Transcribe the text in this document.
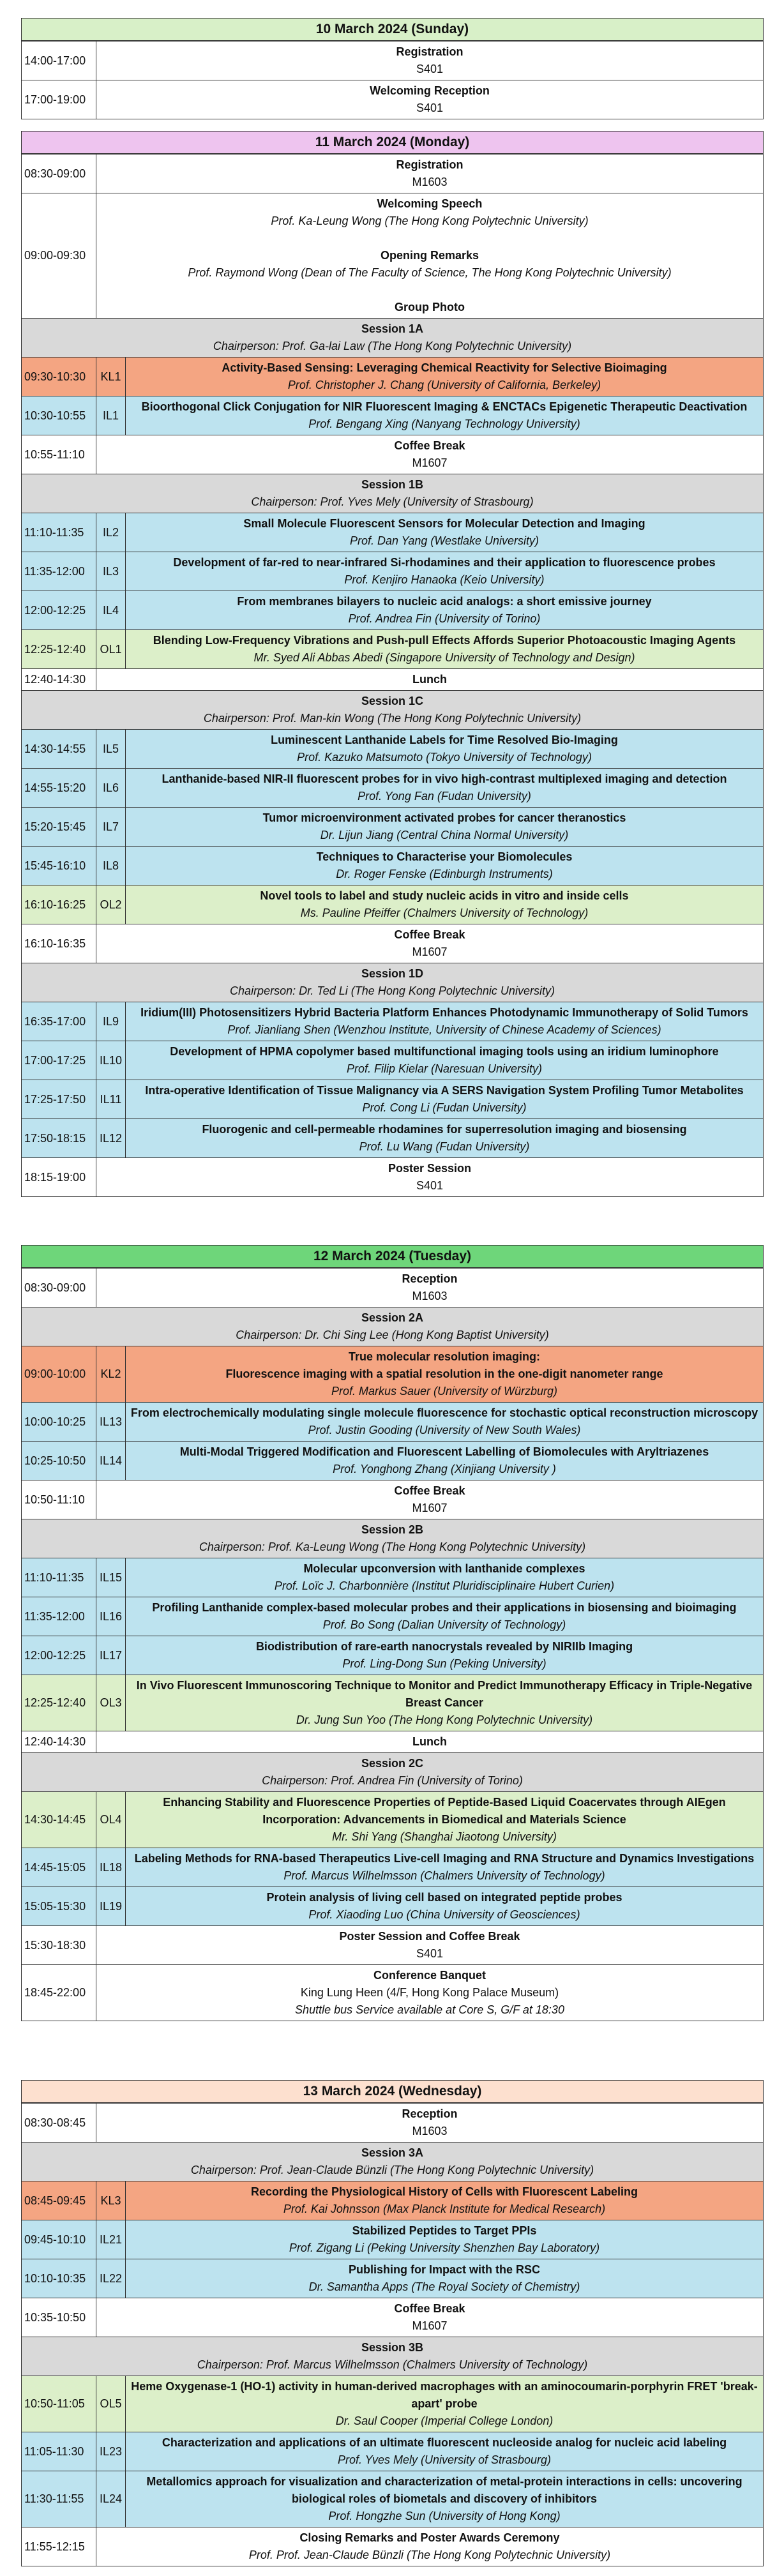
10 March 2024 (Sunday)
14:00-17:00	Registration
S401

17:00-19:00	Welcoming Reception
S401
11 March 2024 (Monday)
08:30-09:00	Registration
M1603	

09:00-09:30	Welcoming Speech
Prof. Ka-Leung Wong (The Hong Kong Polytechnic University)
Opening Remarks
Prof. Raymond Wong (Dean of The Faculty of Science, The Hong Kong Polytechnic University)
Group Photo	

Session 1A
Chairperson: Prof. Ga-lai Law (The Hong Kong Polytechnic University)		

09:30-10:30	KL1	Activity-Based Sensing: Leveraging Chemical Reactivity for Selective Bioimaging
Prof. Christopher J. Chang (University of California, Berkeley)

10:30-10:55	IL1	Bioorthogonal Click Conjugation for NIR Fluorescent Imaging & ENCTACs Epigenetic Therapeutic Deactivation
Prof. Bengang Xing (Nanyang Technology University)

10:55-11:10	Coffee Break
M1607	

Session 1B
Chairperson: Prof. Yves Mely (University of Strasbourg)		

11:10-11:35	IL2	Small Molecule Fluorescent Sensors for Molecular Detection and Imaging
Prof. Dan Yang (Westlake University)

11:35-12:00	IL3	Development of far-red to near-infrared Si-rhodamines and their application to fluorescence probes
Prof. Kenjiro Hanaoka (Keio University)

12:00-12:25	IL4	From membranes bilayers to nucleic acid analogs: a short emissive journey
Prof. Andrea Fin (University of Torino)

12:25-12:40	OL1	Blending Low-Frequency Vibrations and Push-pull Effects Affords Superior Photoacoustic Imaging Agents
Mr. Syed Ali Abbas Abedi (Singapore University of Technology and Design)

12:40-14:30	Lunch	

Session 1C
Chairperson: Prof. Man-kin Wong (The Hong Kong Polytechnic University)		

14:30-14:55	IL5	Luminescent Lanthanide Labels for Time Resolved Bio-Imaging
Prof. Kazuko Matsumoto (Tokyo University of Technology)

14:55-15:20	IL6	Lanthanide-based NIR-II fluorescent probes for in vivo high-contrast multiplexed imaging and detection
Prof. Yong Fan (Fudan University)

15:20-15:45	IL7	Tumor microenvironment activated probes for cancer theranostics
Dr. Lijun Jiang (Central China Normal University)

15:45-16:10	IL8	Techniques to Characterise your Biomolecules
Dr. Roger Fenske (Edinburgh Instruments)

16:10-16:25	OL2	Novel tools to label and study nucleic acids in vitro and inside cells
Ms. Pauline Pfeiffer (Chalmers University of Technology)

16:10-16:35	Coffee Break
M1607	

Session 1D
Chairperson: Dr. Ted Li (The Hong Kong Polytechnic University)		

16:35-17:00	IL9	Iridium(III) Photosensitizers Hybrid Bacteria Platform Enhances Photodynamic Immunotherapy of Solid Tumors
Prof. Jianliang Shen (Wenzhou Institute, University of Chinese Academy of Sciences)

17:00-17:25	IL10	Development of HPMA copolymer based multifunctional imaging tools using an iridium luminophore
Prof. Filip Kielar (Naresuan University)

17:25-17:50	IL11	Intra-operative Identification of Tissue Malignancy via A SERS Navigation System Profiling Tumor Metabolites
Prof. Cong Li (Fudan University)

17:50-18:15	IL12	Fluorogenic and cell-permeable rhodamines for superresolution imaging and biosensing
Prof. Lu Wang (Fudan University)

18:15-19:00	Poster Session
S401	
12 March 2024 (Tuesday)
08:30-09:00	Reception
M1603	

Session 2A
Chairperson: Dr. Chi Sing Lee (Hong Kong Baptist University)		

09:00-10:00	KL2	True molecular resolution imaging:
Fluorescence imaging with a spatial resolution in the one-digit nanometer range
Prof. Markus Sauer (University of Würzburg)

10:00-10:25	IL13	From electrochemically modulating single molecule fluorescence for stochastic optical reconstruction microscopy
Prof. Justin Gooding (University of New South Wales)

10:25-10:50	IL14	Multi-Modal Triggered Modification and Fluorescent Labelling of Biomolecules with Aryltriazenes
Prof. Yonghong Zhang (Xinjiang University )

10:50-11:10	Coffee Break
M1607	

Session 2B
Chairperson: Prof. Ka-Leung Wong (The Hong Kong Polytechnic University)		

11:10-11:35	IL15	Molecular upconversion with lanthanide complexes
Prof. Loïc J. Charbonnière (Institut Pluridisciplinaire Hubert Curien)

11:35-12:00	IL16	Profiling Lanthanide complex-based molecular probes and their applications in biosensing and bioimaging
Prof. Bo Song (Dalian University of Technology)

12:00-12:25	IL17	Biodistribution of rare-earth nanocrystals revealed by NIRIIb Imaging
Prof. Ling-Dong Sun (Peking University)

12:25-12:40	OL3	In Vivo Fluorescent Immunoscoring Technique to Monitor and Predict Immunotherapy Efficacy in Triple-Negative Breast Cancer
Dr. Jung Sun Yoo (The Hong Kong Polytechnic University)

12:40-14:30	Lunch	

Session 2C
Chairperson: Prof. Andrea Fin (University of Torino)		

14:30-14:45	OL4	Enhancing Stability and Fluorescence Properties of Peptide-Based Liquid Coacervates through AIEgen Incorporation: Advancements in Biomedical and Materials Science
Mr. Shi Yang (Shanghai Jiaotong University)

14:45-15:05	IL18	Labeling Methods for RNA-based Therapeutics Live-cell Imaging and RNA Structure and Dynamics Investigations
Prof. Marcus Wilhelmsson (Chalmers University of Technology)

15:05-15:30	IL19	Protein analysis of living cell based on integrated peptide probes
Prof. Xiaoding Luo (China University of Geosciences)

15:30-18:30	Poster Session and Coffee Break
S401	

18:45-22:00	Conference Banquet
King Lung Heen (4/F, Hong Kong Palace Museum)
Shuttle bus Service available at Core S, G/F at 18:30	
13 March 2024 (Wednesday)
08:30-08:45	Reception
M1603	

Session 3A
Chairperson: Prof. Jean-Claude Bünzli (The Hong Kong Polytechnic University)		

08:45-09:45	KL3	Recording the Physiological History of Cells with Fluorescent Labeling
Prof. Kai Johnsson (Max Planck Institute for Medical Research)

09:45-10:10	IL21	Stabilized Peptides to Target PPIs
Prof. Zigang Li (Peking University Shenzhen Bay Laboratory)

10:10-10:35	IL22	Publishing for Impact with the RSC
Dr. Samantha Apps (The Royal Society of Chemistry)

10:35-10:50	Coffee Break
M1607	

Session 3B
Chairperson: Prof. Marcus Wilhelmsson (Chalmers University of Technology)		

10:50-11:05	OL5	Heme Oxygenase-1 (HO-1) activity in human-derived macrophages with an aminocoumarin-porphyrin FRET 'break-apart' probe
Dr. Saul Cooper (Imperial College London)

11:05-11:30	IL23	Characterization and applications of an ultimate fluorescent nucleoside analog for nucleic acid labeling
Prof. Yves Mely (University of Strasbourg)

11:30-11:55	IL24	Metallomics approach for visualization and characterization of metal-protein interactions in cells: uncovering biological roles of biometals and discovery of inhibitors
Prof. Hongzhe Sun (University of Hong Kong)

11:55-12:15	Closing Remarks and Poster Awards Ceremony
Prof. Prof. Jean-Claude Bünzli (The Hong Kong Polytechnic University)	
